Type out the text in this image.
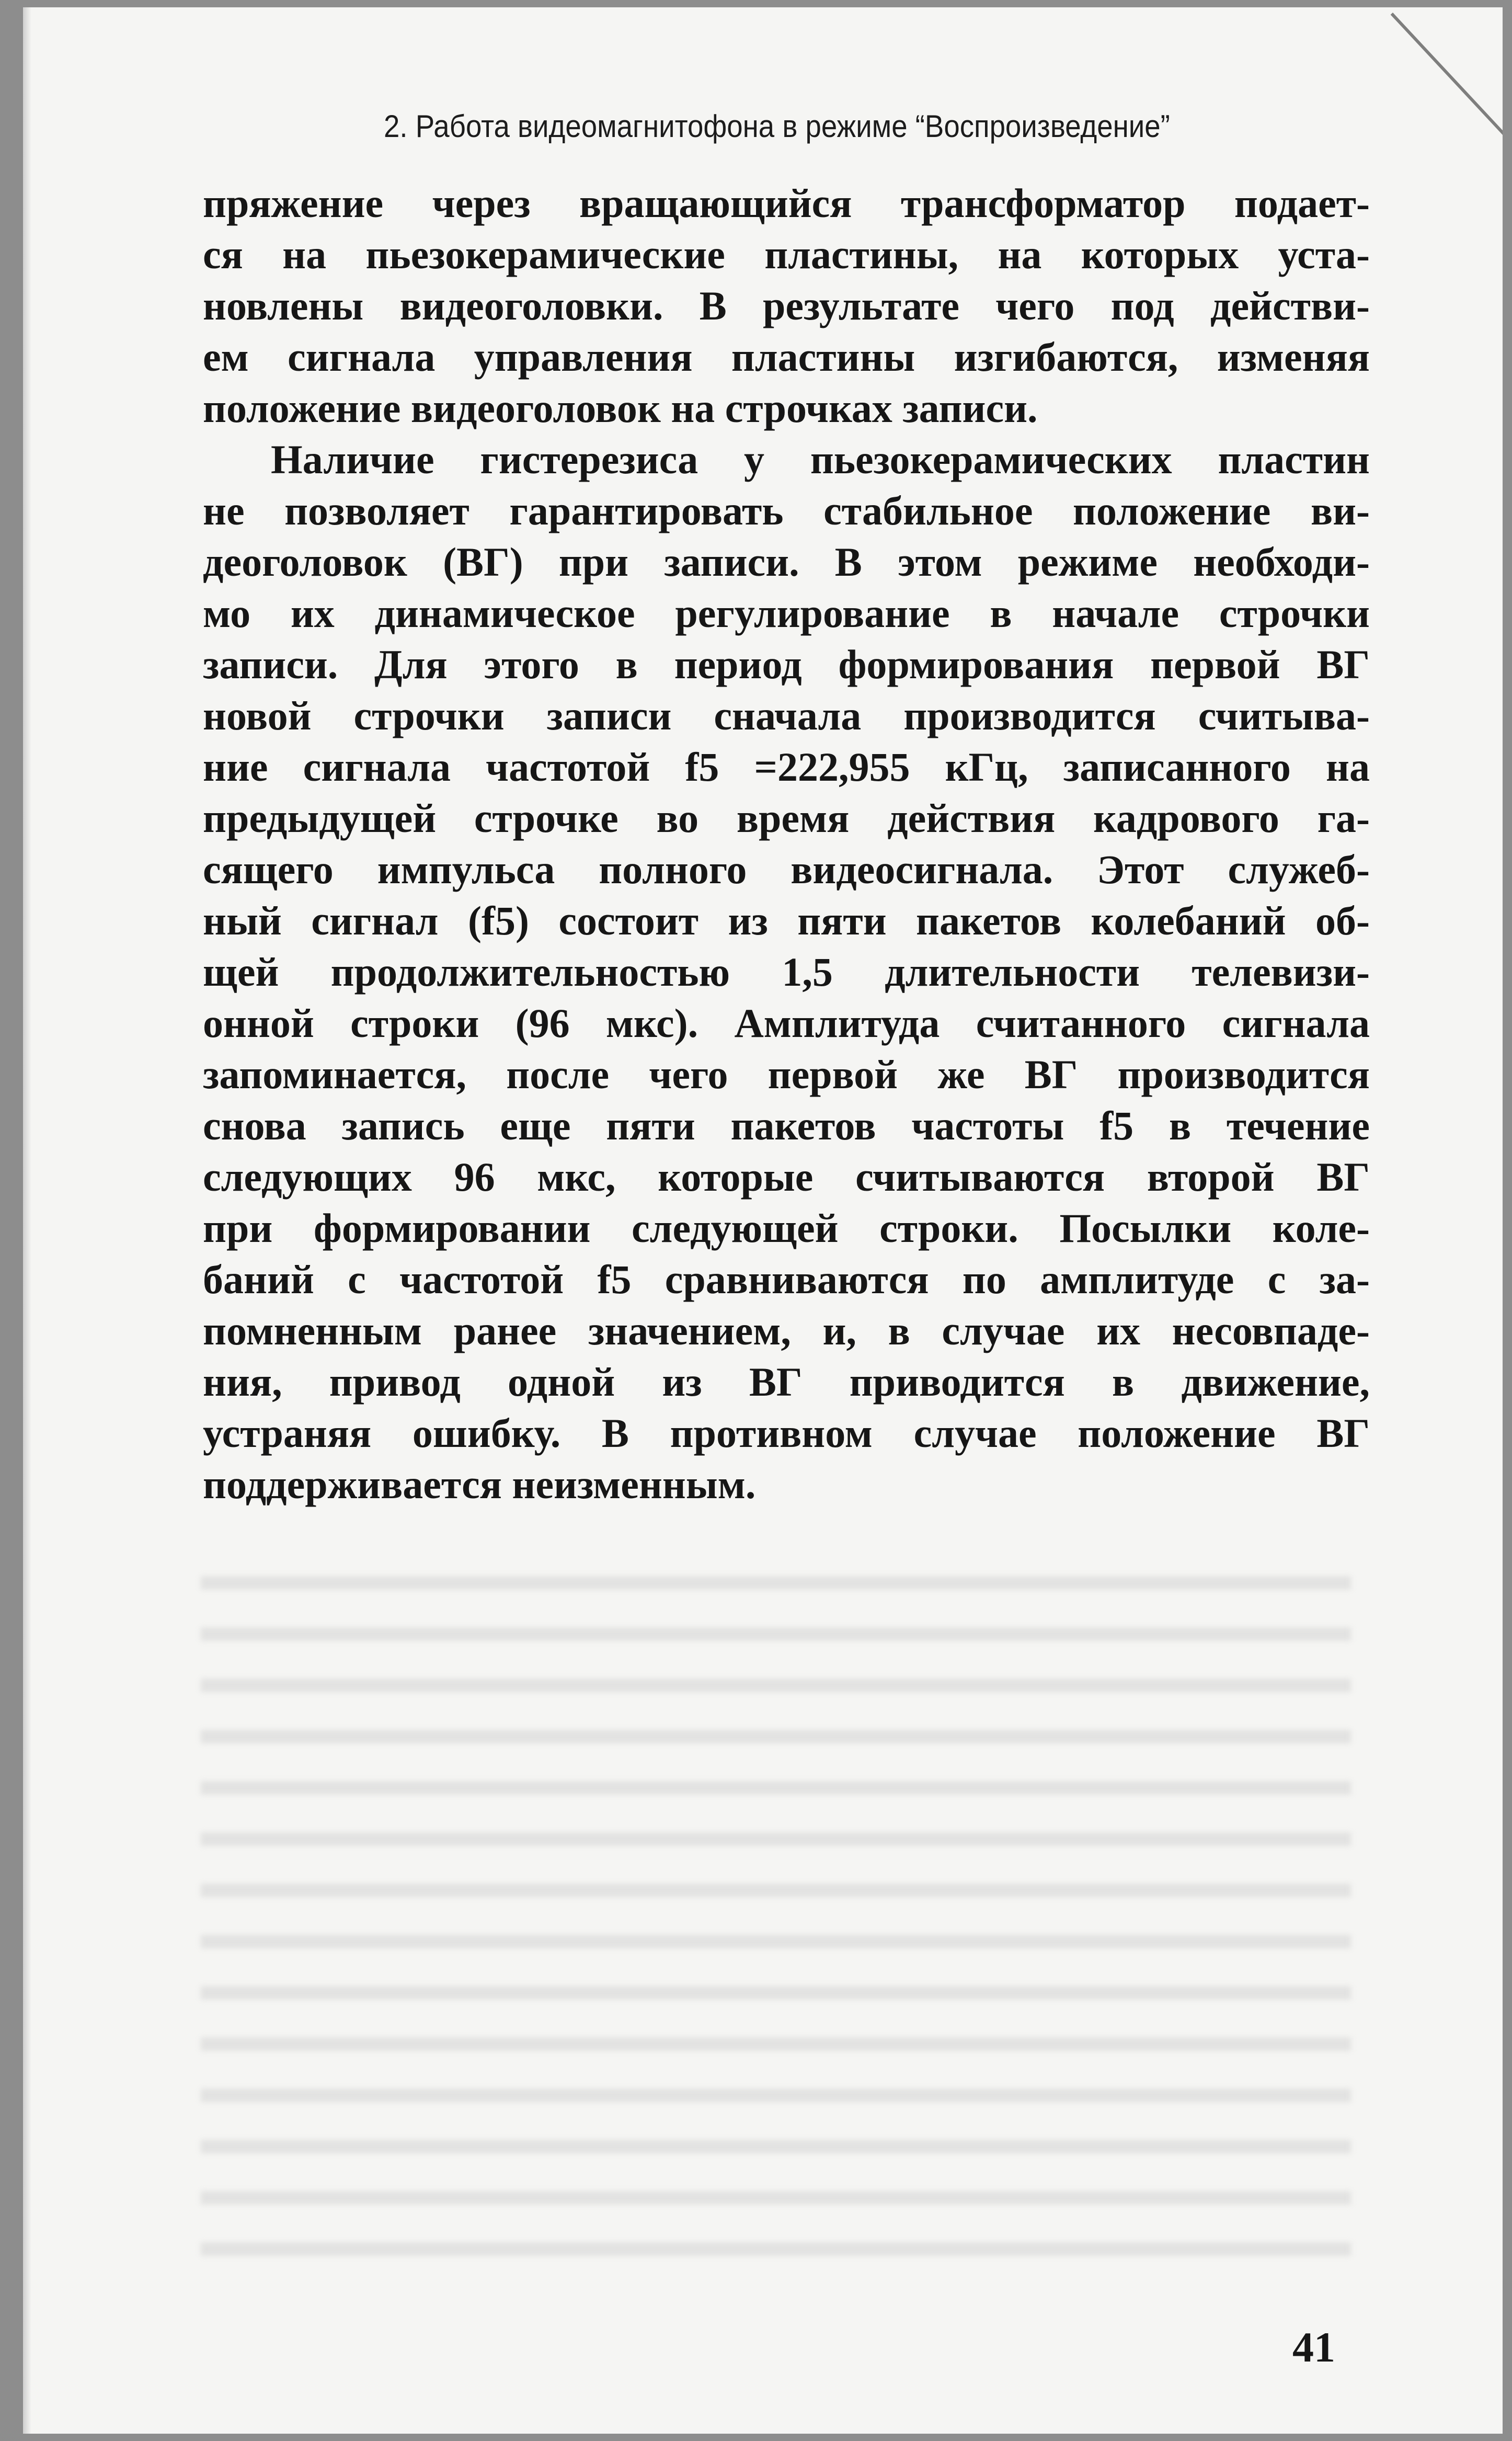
2. Работа видеомагнитофона в режиме “Воспроизведение”
пряжение через вращающийся трансформатор подает-
ся на пьезокерамические пластины, на которых уста-
новлены видеоголовки. В результате чего под действи-
ем сигнала управления пластины изгибаются, изменяя
положение видеоголовок на строчках записи.
Наличие гистерезиса у пьезокерамических пластин
не позволяет гарантировать стабильное положение ви-
деоголовок (ВГ) при записи. В этом режиме необходи-
мо их динамическое регулирование в начале строчки
записи. Для этого в период формирования первой ВГ
новой строчки записи сначала производится считыва-
ние сигнала частотой f5 =222,955 кГц, записанного на
предыдущей строчке во время действия кадрового га-
сящего импульса полного видеосигнала. Этот служеб-
ный сигнал (f5) состоит из пяти пакетов колебаний об-
щей продолжительностью 1,5 длительности телевизи-
онной строки (96 мкс). Амплитуда считанного сигнала
запоминается, после чего первой же ВГ производится
снова запись еще пяти пакетов частоты f5 в течение
следующих 96 мкс, которые считываются второй ВГ
при формировании следующей строки. Посылки коле-
баний с частотой f5 сравниваются по амплитуде с за-
помненным ранее значением, и, в случае их несовпаде-
ния, привод одной из ВГ приводится в движение,
устраняя ошибку. В противном случае положение ВГ
поддерживается неизменным.
41
